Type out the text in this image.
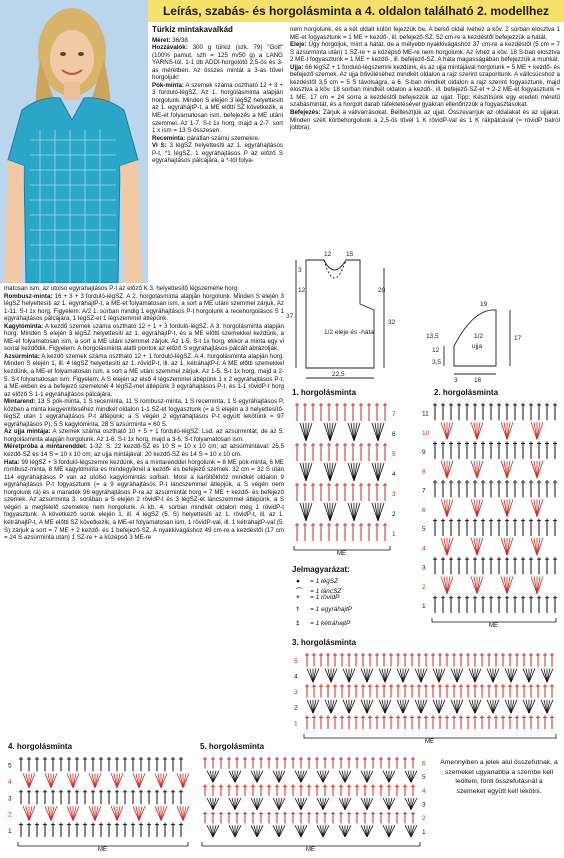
Leírás, szabás- és horgolásminta a 4. oldalon található 2. modellhez

Türkiz mintakavalkád

Méret: 36/38

Hozzávalók: 300 g türkiz (szk. 79) "Golf" (100% pamut, szh = 125 m/50 g) a LANG YARNS-tól. 1-1 db ADDI-horgolótű 2,5-ös és 3-as méretben. Az összes mintát a 3-as tűvel horgoljuk!

Pók-minta: A szemek száma osztható 12 + 3 + 3 forduló-légSZ. Az 1. horgolásminta alapján horgolunk. Minden S elején 3 légSZ helyettesíti az 1. egyráhájtP-t, a ME előtti SZ következik, a ME-et folyamatosan ism, befejezés a ME utáni szemmel. Az 1-7. S-t 1x horg, majd a 2-7. sort 1 x ism = 13 S összesen.

Recemínta: páratlan számú szemekre.

Vi S: 3 légSZ helyettesíti az 1. egyráhajtásos P-t, *1 légSZ, 1 egyráhajtásos P az előző S egyráhajtásos pálcájára, a *-tól folya-

matosan ism, az utolsó egyráhajtásos P-t az előző K 3. helyettesítő légszeméhe horg.

Rombusz-minta: 16 + 3 + 3 forduló-légSZ. A 2. horgolásminta alapján horgolunk. Minden S elején 3 légSZ helyettesíti az 1. egyráhajtP-t, a ME-et folyamatosan ism, a sort a ME utáni szemmel zárjuk. Az 1-11. S-t 1x horg. Figyelem: A/2 1. sorban mindig 1 egyráhajtásos P-t horgolunk a recehorgolásos S 1 egyráhajtásos pálcájára, 1 légSZ-et 1 légszemmel átlépünk.

Kagylóminta: A kezdő szemek száma osztható 12 + 1 + 3 forduló-légSZ. A 3. horgolásminta alapján horg. Minden S elején 3 légSZ helyettesíti az 1. egyráhajtP-t, és a ME előtti szemekkel kezdünk, a ME-et folyamatosan ism, a sort a ME utáni szemmel zárjuk. Az 1-5. S-t 1x horg, ekkor a minta egy vi sorral kezdődik. Figyelem: A horgolásminta alatti pontok az előző S egyráhajtásos pálcáit ábrázolják.

Azsúrminta: A kezdő szemek száma osztható 12 + 1 forduló-légSZ. A 4. horgolásminta alapján horg. Minden S elején 1, ill. 4 légSZ helyettesíti az 1. rövidP-t, ill. az 1. kétráhajtP-t. A ME előtti szemekkel kezdünk, a ME-et folyamatosan ism, a sort a ME utáni szemmel zárjuk. Az 1-5. S-t 1x horg, majd a 2-5. S-t folyamatosan ism. Figyelem: A S elején az első 4 légszemmel átlépünk 1 x 2 egyráhajtásos P-t, a ME-ekben és a befejező szemeknél 4 légSZ-mel átlépünk 3 egyráhajtásos P-t, és 1-1 rövidP-t horg az előző S 1-1 egyráhajtásos pálcájára.

Mintarend: 13 S pók-minta, 1 S recemínta, 11 S rombusz-minta, 1 S recemínta, 1 S egyráhajtásos P, közben a minta kiegyenlítéséhez mindkét oldalon 1-1 SZ-et fogyasztunk (= a S elején a 3 helyettesítő-légSZ után 1 egyráhajtásos P-t átlépünk; a S végén 2 egyráhajtásos P-t együtt lekötünk = 97 egyráhajtásos P), 5 S kagylóminta, 28 S azsúrminta = 60 S.

Az ujja mintája: A szemek száma osztható 10 + 5 + 1 forduló-légSZ. Lsd. az azsúrmintát, de az 5. horgolásminta alapján horgolunk. Az 1-6. S-t 1x horg, majd a 3-6. S-t folyamatosan ism.

Méretpróba a mintarenddel: 1-32. S: 22 kezdő-SZ és 10 S = 10 x 10 cm; az azsúrmintával: 25,5 kezdő-SZ és 14 S = 10 x 10 cm; az ujja mintájával: 20 kezdő-SZ és 14 S = 10 x 10 cm.

Hata: 99 légSZ + 3 forduló-légszemre kezdünk, és a mintarenddel horgolunk = 8 ME pók-minta, 6 ME rombusz-minta, 8 ME kagylóminta és mindegyiknél a kezdő- és befejező szemek. 32 cm = 32 S után 114 egyráhajtásos P van az utolsó kagylómintás sorban. Most a karöltökhöz mindkét oldalon 9 egyráhajtásos P-t fogyasztunk (= a 9 egyráhajtásos P-t láncszemmel átlépjük, a S végén nem horgolunk rá) és a maradék 96 egyráhajtásos P-ra az azsúrmintát horg = 7 ME + kezdő- és befejező szemek. Az azsúrminta 3. sorában a S elején 2 rövidP-t és 3 légSZ-et láncszemmel átlépünk, a S végén a megfelelő szemekre nem horgolunk. A kb. 4. sorban mindkét oldalon még 1 rövidP-t fogyasztunk. A következő sorok elején 1, ill. 4 légSZ (5. S) helyettesíti az 1. rövidP-t, ill. az 1. kétráhajtP-t, A ME előtti SZ következik, a ME-et folyamatosan ism, 1 rövidP-val, ill. 1 kétráhajtP-val (5. S) zárjuk a sort = 7 ME + 2 kezdő- és 1 befejező-SZ. A nyakkivágáshoz 49 cm-re a kezdéstől (17 cm = 24 S azsúrminta után) 1 SZ-re + a középső 3 ME-re

nem horgolunk, és a két oldalt külön fejezzük be. A belső oldal ívéhez a köv. 2 sorban elosztva 1 ME-et fogyasztunk = 1 ME + kezdő-, ill. befejező-SZ. 52 cm-re a kezdéstől befejezzük a hátát.

Eleje: Úgy horgoljuk, mint a hátát, de a mélyebb nyakkivágáshoz 37 cm-re a kezdéstől (5 cm = 7 S azsúrminta után) 1 SZ-re + a középső ME-re nem horgolunk. Az ívhez a köv. 18 S-ban elosztva 2 ME-t fogyasztunk = 1 ME + kezdő-, ill. befejező-SZ. A háta magasságában befejezzük a munkát.

Ujja: 66 légSZ + 1 forduló-légszemre kezdünk, és az ujja mintájával horgolunk = 5 ME + kezdő- és befejező szemek. Az ujja bővüléséhez mindkét oldalon a rajz szerint szaporítunk. A vállcsúcshoz a kezdéstől 3,5 cm = 5 S távolságra, a 6. S-ban mindkét oldalon a rajz szerint fogyasztunk, majd elosztva a köv. 18 sorban mindkét oldalon a kezdő-, ill. befejező-SZ-et + 2-2 ME-et fogyasztunk = 1 ME. 17 cm = 24 sorra a kezdéstől befejezzük az ujjat. Tipp: Készítsünk egy eredeti méretű szabásmintát, és a horgolt darab ráfektetésével gyakran ellenőrizzük a fogyasztásokat.

Befejezés: Zárjuk a vállvarrásokat. Beillesztjük az ujjat. Összevarrjuk az oldalakat és az ujjakat. Minden szélt körbehorgolunk a 2,5-ös tűvel 1 K rövidP-val és 1 K rákpálcával (= rövidP balról jobbra).

12 15
3
12	20
37
1/2 eleje és -háta
32
22,5
19
1/2
ujja
17
13,5
12
3,5
3	16
1. horgolásminta	2. horgolásminta
3. horgolásminta
4. horgolásminta	5. horgolásminta
7
6
5
4
3
2
1
ME
11
10
9
8
7
6
5
4
3
2
1
ME
5
4
3
2
1
ME
5
4
3
2
1
ME
6
5
4
3
2
1
ME
Jelmagyarázat:
● = 1 légSZ
⌒ = 1 láncSZ
+ = 1 rövidP
† = 1 egyráhajtP
‡ = 1 kétráhajtP
Amennyiben a jelek alul összefutnak, a szemeket ugyanabba a szembe kell leölteni, fönti összefutásnál a szemeket együtt kell lekötni.
